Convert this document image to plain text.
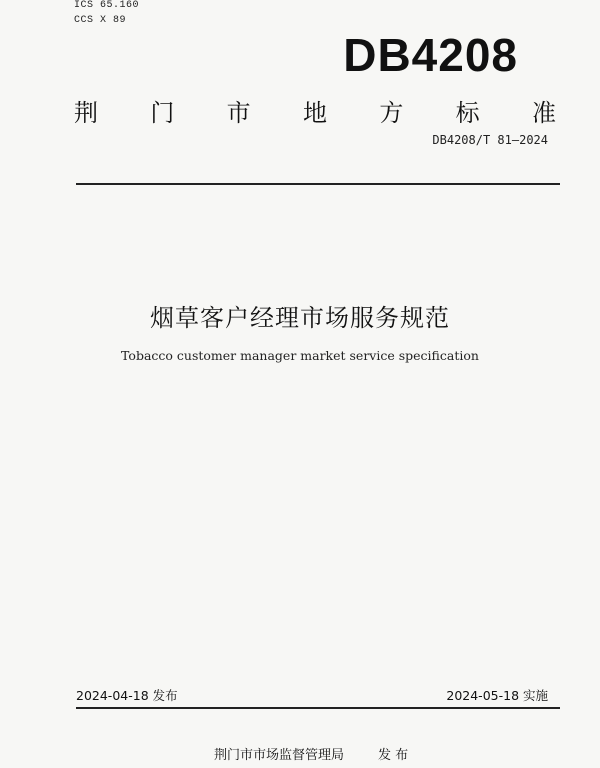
ICS 65.160
CCS X 89
DB4208
荆 门 市 地 方 标 准
DB4208/T 81—2024
烟草客户经理市场服务规范
Tobacco customer manager market service specification
2024-04-18 发布	2024-05-18 实施
荆门市市场监督管理局	发 布
